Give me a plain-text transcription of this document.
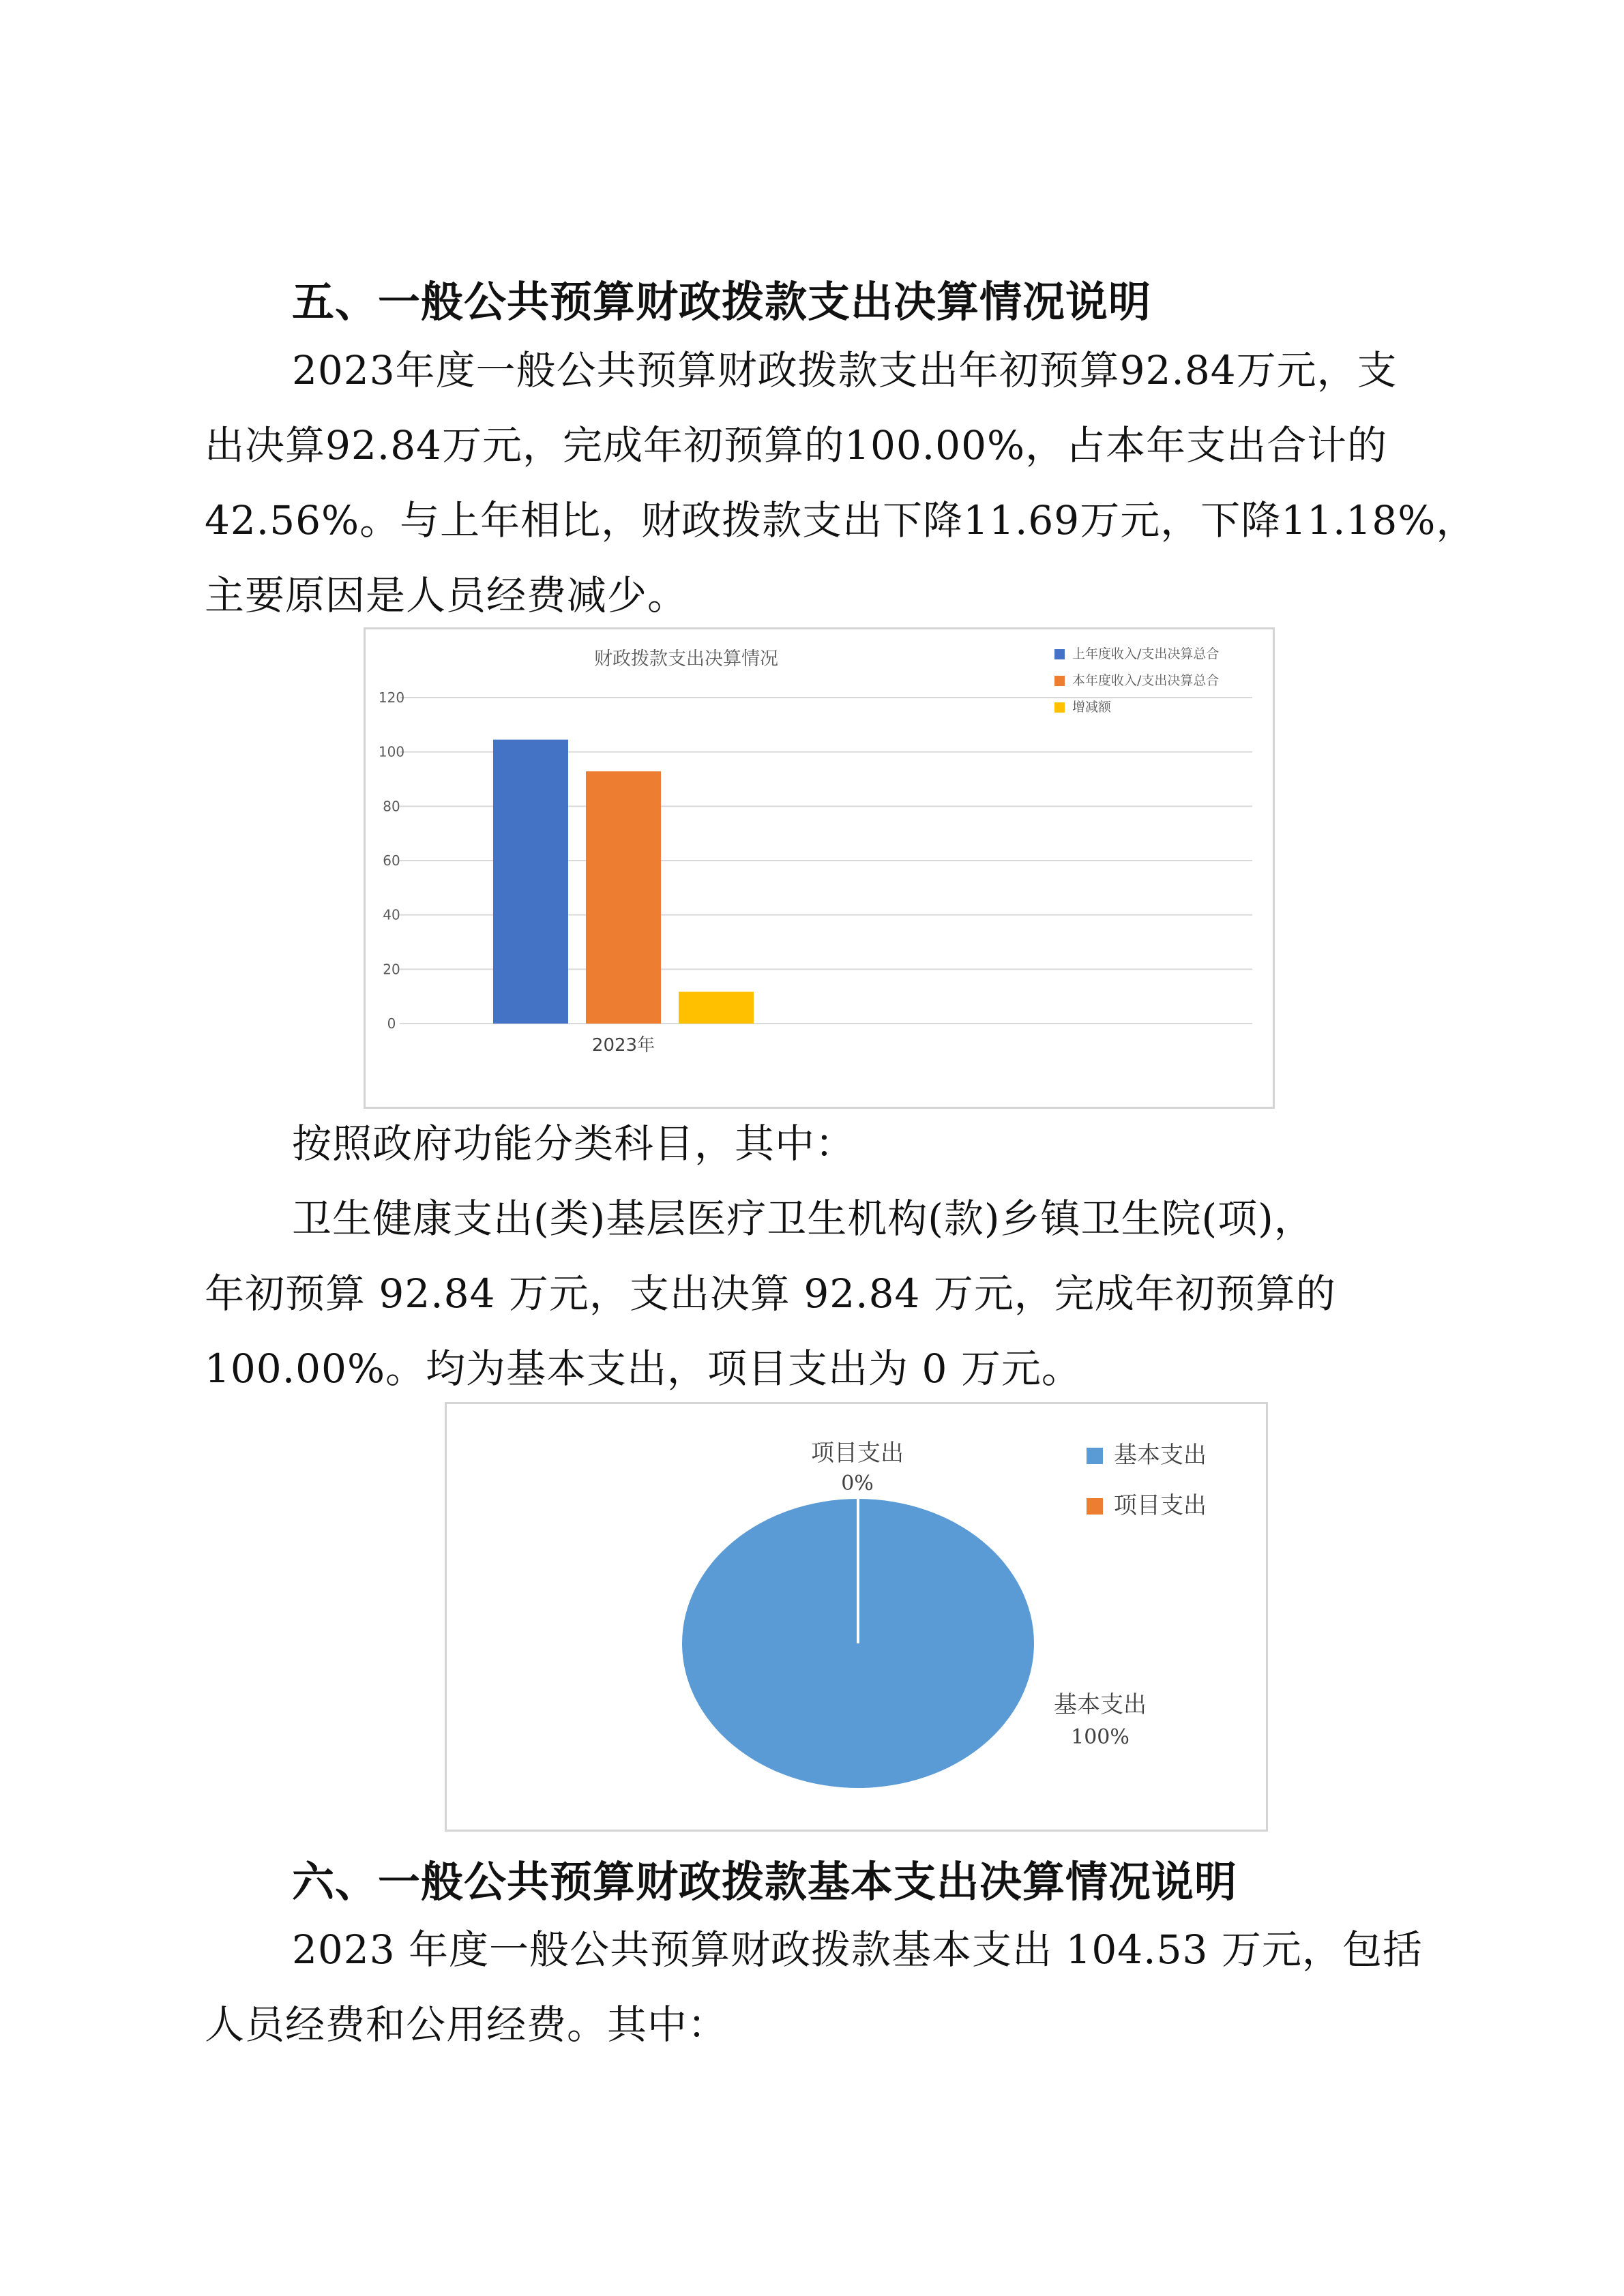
五、一般公共预算财政拨款支出决算情况说明

2023年度一般公共预算财政拨款支出年初预算92.84万元，支

出决算92.84万元，完成年初预算的100.00%，占本年支出合计的

42.56%。与上年相比，财政拨款支出下降11.69万元，下降11.18%，

主要原因是人员经费减少。

财政拨款支出决算情况
0
20
40
60
80
100
120
2023年
上年度收入/支出决算总合
本年度收入/支出决算总合
增减额

按照政府功能分类科目，其中：

卫生健康支出(类)基层医疗卫生机构(款)乡镇卫生院(项)，

年初预算 92.84 万元，支出决算 92.84 万元，完成年初预算的

100.00%。均为基本支出，项目支出为 0 万元。

基本支出
100%
项目支出
0%
基本支出
项目支出
六、一般公共预算财政拨款基本支出决算情况说明

2023 年度一般公共预算财政拨款基本支出 104.53 万元，包括

人员经费和公用经费。其中：
